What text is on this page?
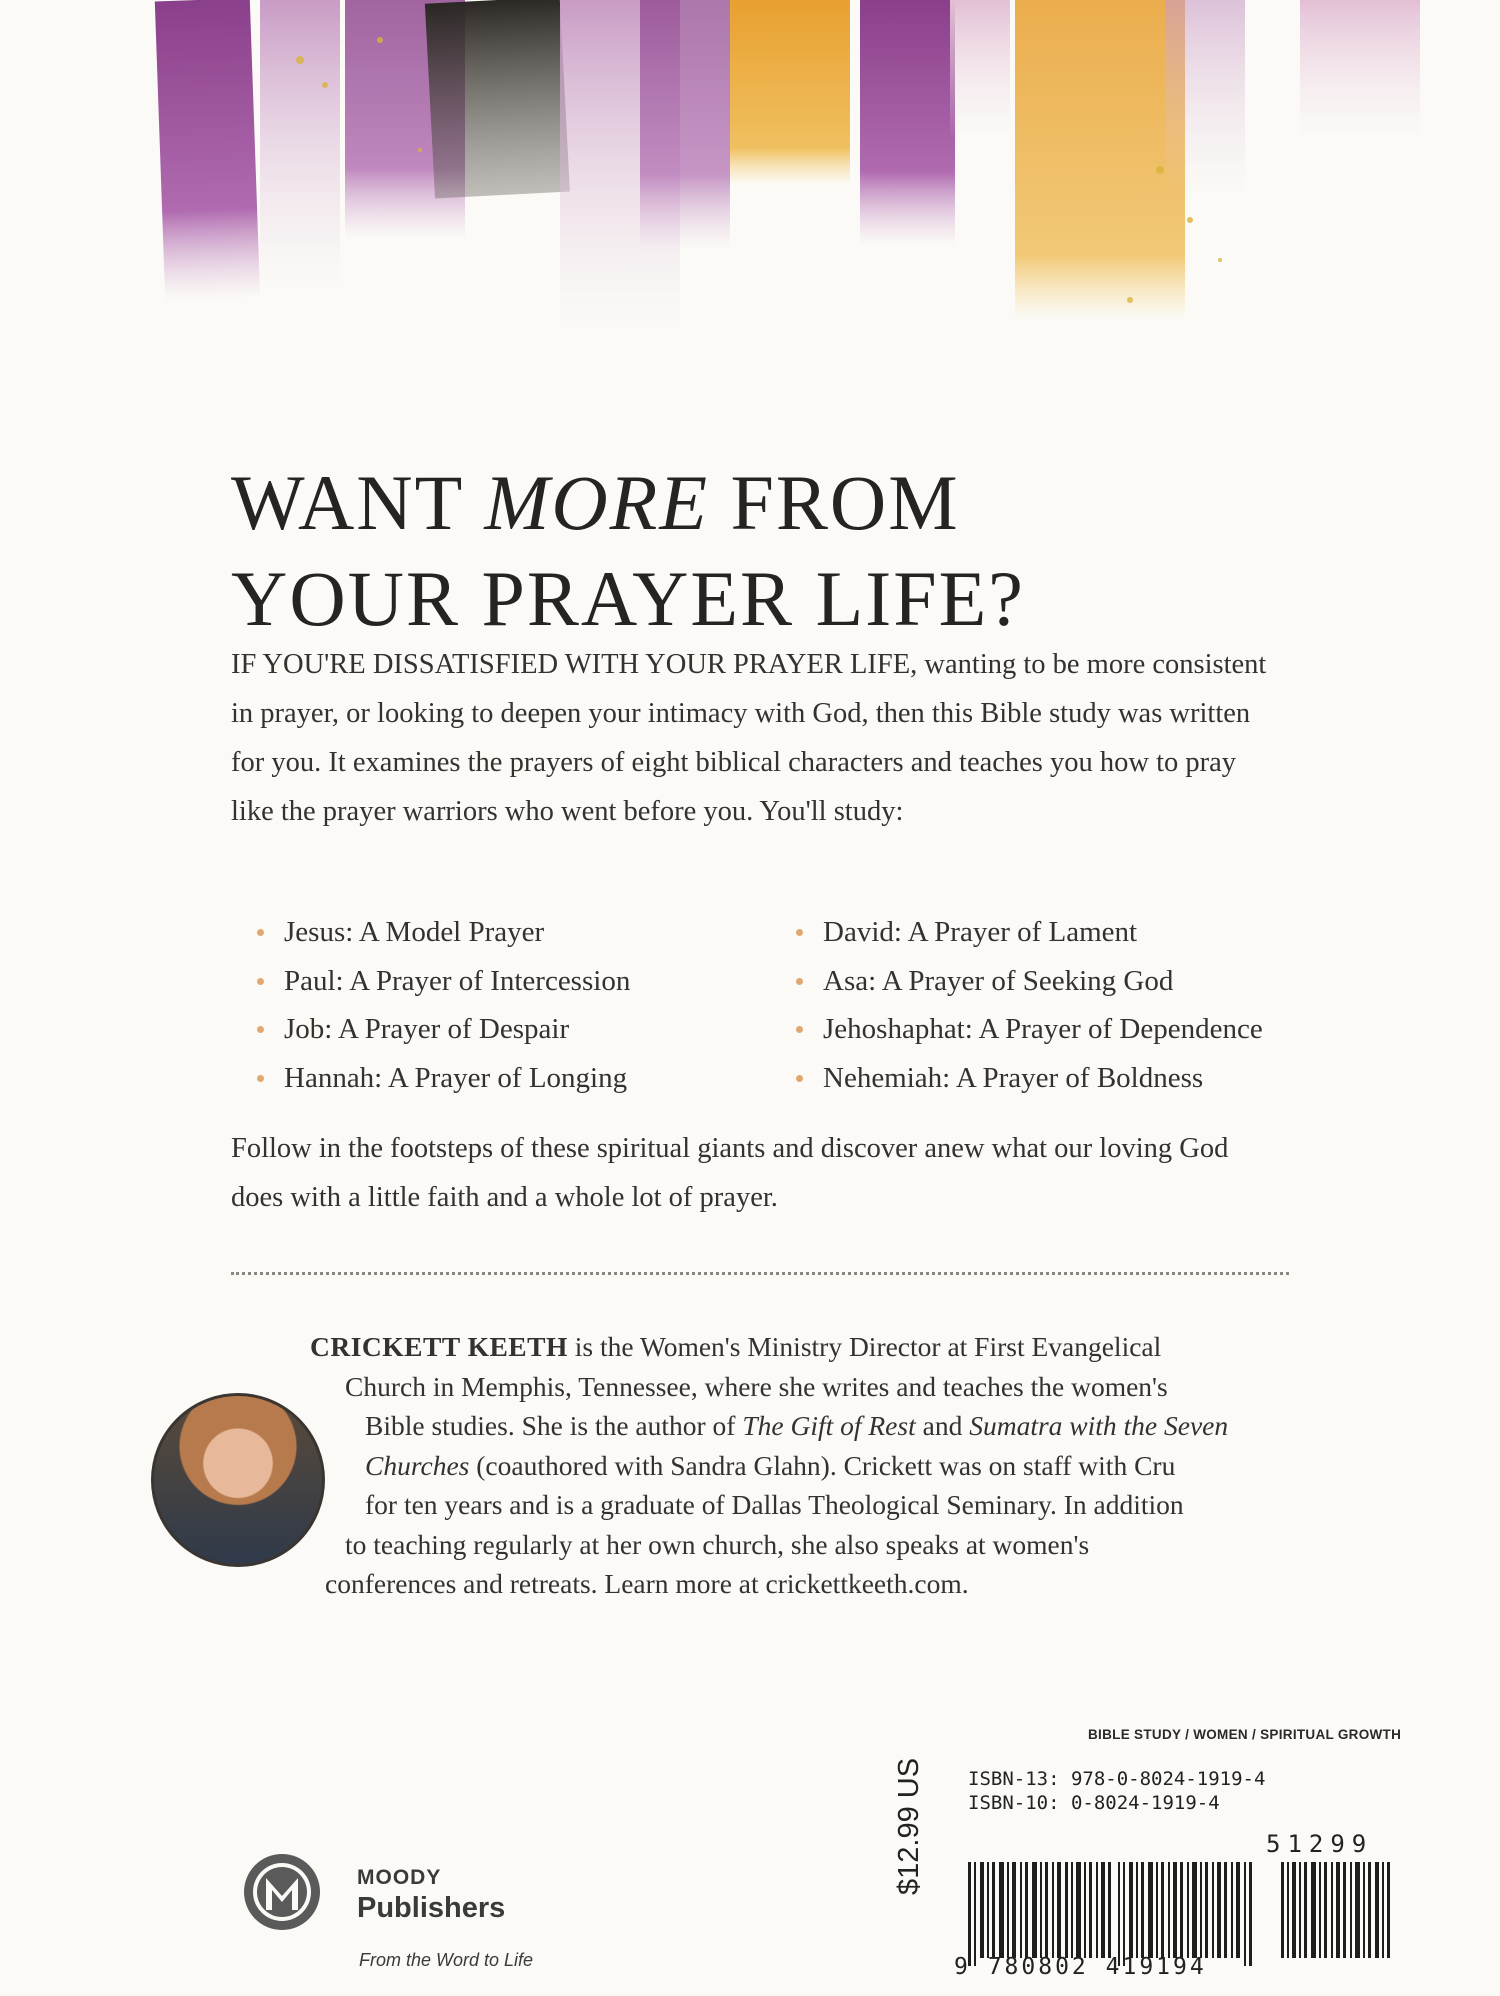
WANT MORE FROM
YOUR PRAYER LIFE?

IF YOU'RE DISSATISFIED WITH YOUR PRAYER LIFE, wanting to be more consistent in prayer, or looking to deepen your intimacy with God, then this Bible study was written for you. It examines the prayers of eight biblical characters and teaches you how to pray like the prayer warriors who went before you. You'll study:

Jesus: A Model Prayer
Paul: A Prayer of Intercession
Job: A Prayer of Despair
Hannah: A Prayer of Longing
David: A Prayer of Lament
Asa: A Prayer of Seeking God
Jehoshaphat: A Prayer of Dependence
Nehemiah: A Prayer of Boldness

Follow in the footsteps of these spiritual giants and discover anew what our loving God does with a little faith and a whole lot of prayer.

CRICKETT KEETH is the Women's Ministry Director at First Evangelical
Church in Memphis, Tennessee, where she writes and teaches the women's
Bible studies. She is the author of The Gift of Rest and Sumatra with the Seven
Churches (coauthored with Sandra Glahn). Crickett was on staff with Cru
for ten years and is a graduate of Dallas Theological Seminary. In addition
to teaching regularly at her own church, she also speaks at women's
conferences and retreats. Learn more at crickettkeeth.com.
BIBLE STUDY / WOMEN / SPIRITUAL GROWTH
$12.99 US ISBN-13: 978-0-8024-1919-4
ISBN-10: 0-8024-1919-4
51299
9 780802 419194
MOODY
Publishers
From the Word to Life
